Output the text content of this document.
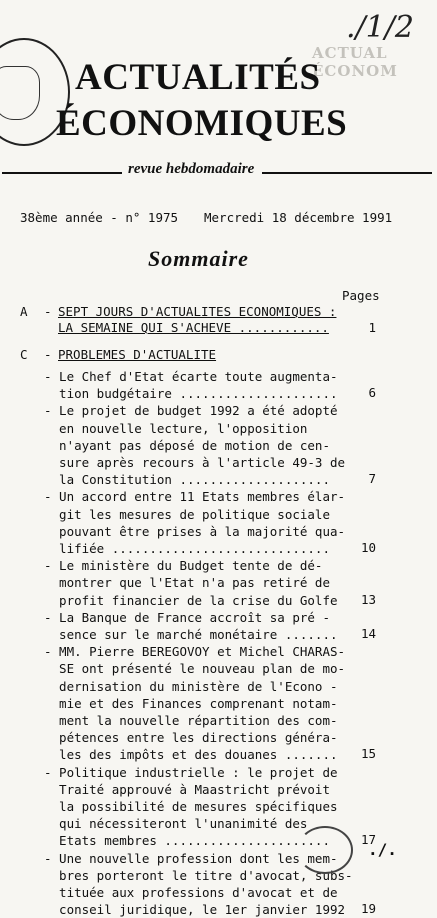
./1/2
ACTUAL
ÉCONOM
ACTUALITÉS
ÉCONOMIQUES
revue hebdomadaire
38ème année - n° 1975 Mercredi 18 décembre 1991
Sommaire
Pages
A - SEPT JOURS D'ACTUALITES ECONOMIQUES :
LA SEMAINE QUI S'ACHEVE ............	1
C - PROBLEMES D'ACTUALITE
- Le Chef d'Etat écarte toute augmenta-
tion budgétaire .....................	6
- Le projet de budget 1992 a été adopté
en nouvelle lecture, l'opposition
n'ayant pas déposé de motion de cen-
sure après recours à l'article 49-3 de
la Constitution ....................	7
- Un accord entre 11 Etats membres élar-
git les mesures de politique sociale
pouvant être prises à la majorité qua-
lifiée .............................	10
- Le ministère du Budget tente de dé-
montrer que l'Etat n'a pas retiré de
profit financier de la crise du Golfe	13
- La Banque de France accroît sa pré -
sence sur le marché monétaire .......	14
- MM. Pierre BEREGOVOY et Michel CHARAS-
SE ont présenté le nouveau plan de mo-
dernisation du ministère de l'Econo -
mie et des Finances comprenant notam-
ment la nouvelle répartition des com-
pétences entre les directions généra-
les des impôts et des douanes .......	15
- Politique industrielle : le projet de
Traité approuvé à Maastricht prévoit
la possibilité de mesures spécifiques
qui nécessiteront l'unanimité des
Etats membres ......................	17
- Une nouvelle profession dont les mem-
bres porteront le titre d'avocat, subs-
tituée aux professions d'avocat et de
conseil juridique, le 1er janvier 1992	19
./.
